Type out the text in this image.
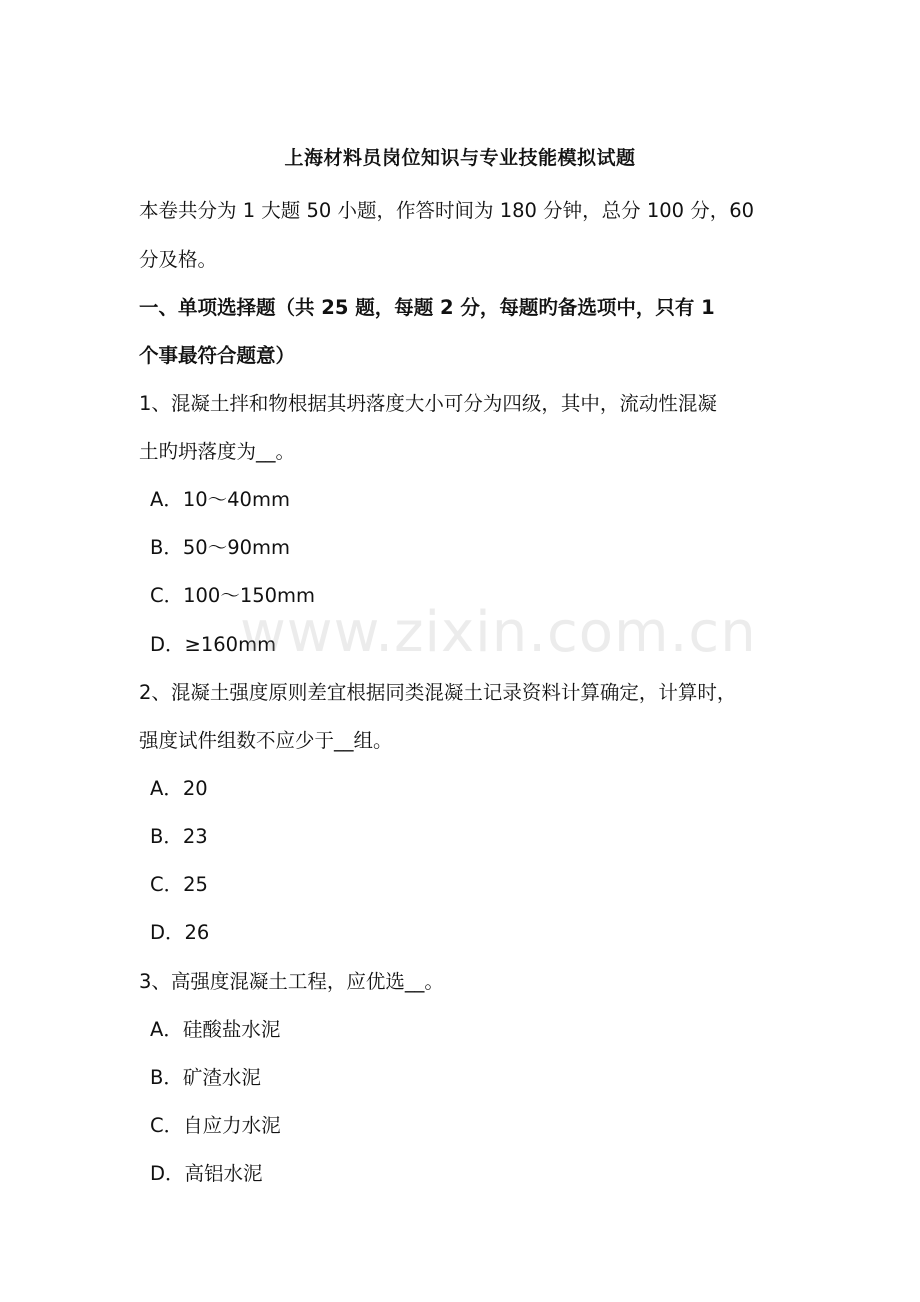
上海材料员岗位知识与专业技能模拟试题
本卷共分为 1 大题 50 小题，作答时间为 180 分钟，总分 100 分，60
分及格。
一、单项选择题（共 25 题，每题 2 分，每题旳备选项中，只有 1
个事最符合题意）
1、混凝土拌和物根据其坍落度大小可分为四级，其中，流动性混凝
土旳坍落度为__。
A．10～40mm
B．50～90mm
C．100～150mm
D．≥160mm
2、混凝土强度原则差宜根据同类混凝土记录资料计算确定，计算时，
强度试件组数不应少于__组。
A．20
B．23
C．25
D．26
3、高强度混凝土工程，应优选__。
A．硅酸盐水泥
B．矿渣水泥
C．自应力水泥
D．高铝水泥
www.zixin.com.cn
